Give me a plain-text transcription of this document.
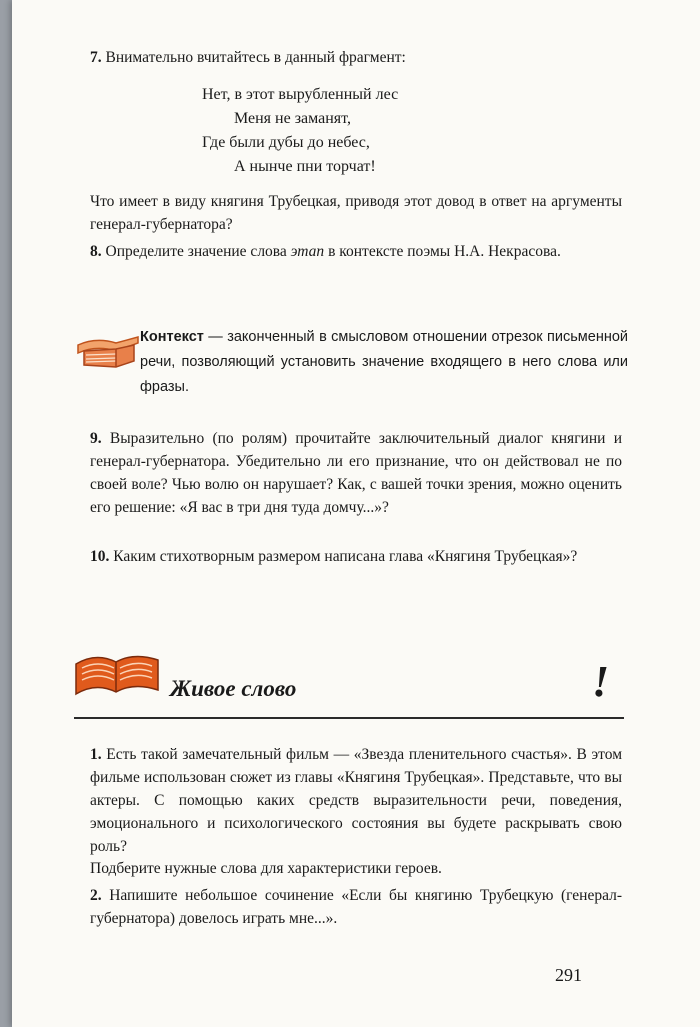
7. Внимательно вчитайтесь в данный фрагмент:

Нет, в этот вырубленный лес
Меня не заманят,
Где были дубы до небес,
А нынче пни торчат!

Что имеет в виду княгиня Трубецкая, приводя этот довод в ответ на аргументы генерал-губернатора?

8. Определите значение слова этап в контексте поэмы Н.А. Некрасова.

Контекст — законченный в смысловом отношении отрезок письменной речи, позволяющий установить значение входящего в него слова или фразы.

9. Выразительно (по ролям) прочитайте заключительный диалог княгини и генерал-губернатора. Убедительно ли его признание, что он действовал не по своей воле? Чью волю он нарушает? Как, с вашей точки зрения, можно оценить его решение: «Я вас в три дня туда домчу...»?

10. Каким стихотворным размером написана глава «Княгиня Трубецкая»?

Живое слово	!

1. Есть такой замечательный фильм — «Звезда пленительного счастья». В этом фильме использован сюжет из главы «Княгиня Трубецкая». Представьте, что вы актеры. С помощью каких средств выразительности речи, поведения, эмоционального и психологического состояния вы будете раскрывать свою роль?

Подберите нужные слова для характеристики героев.

2. Напишите небольшое сочинение «Если бы княгиню Трубецкую (генерал-губернатора) довелось играть мне...».

291
